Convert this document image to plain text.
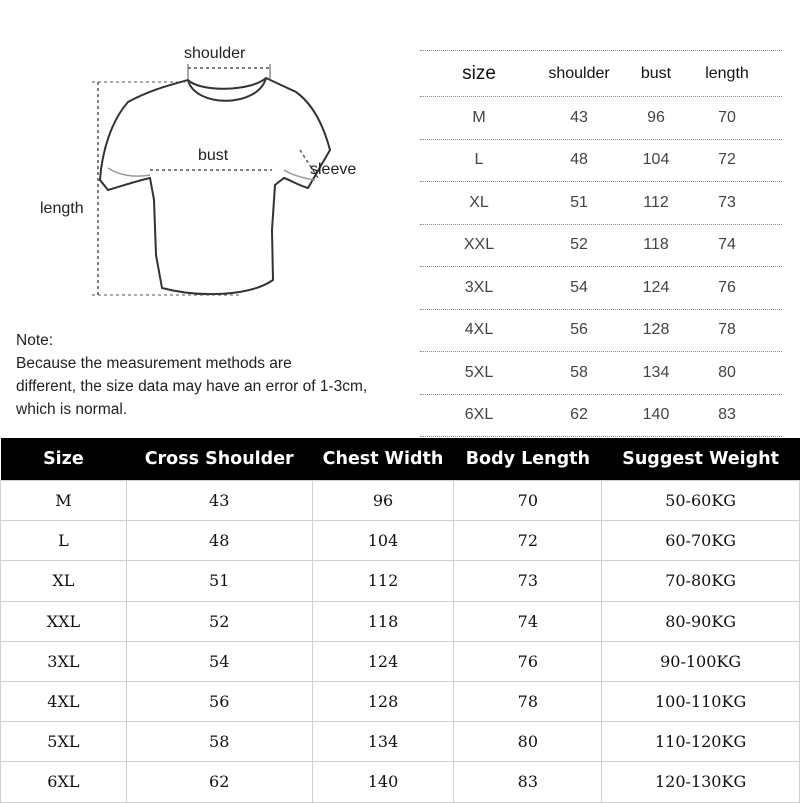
shoulder
bust
sleeve
length
Note:
Because the measurement methods are
different, the size data may have an error of 1-3cm,
which is normal.
size	shoulder	bust	length
M	43	96	70
L	48	104	72
XL	51	112	73
XXL	52	118	74
3XL	54	124	76
4XL	56	128	78
5XL	58	134	80
6XL	62	140	83
Size	Cross Shoulder	Chest Width	Body Length	Suggest Weight
M	43	96	70	50-60KG
L	48	104	72	60-70KG
XL	51	112	73	70-80KG
XXL	52	118	74	80-90KG
3XL	54	124	76	90-100KG
4XL	56	128	78	100-110KG
5XL	58	134	80	110-120KG
6XL	62	140	83	120-130KG
